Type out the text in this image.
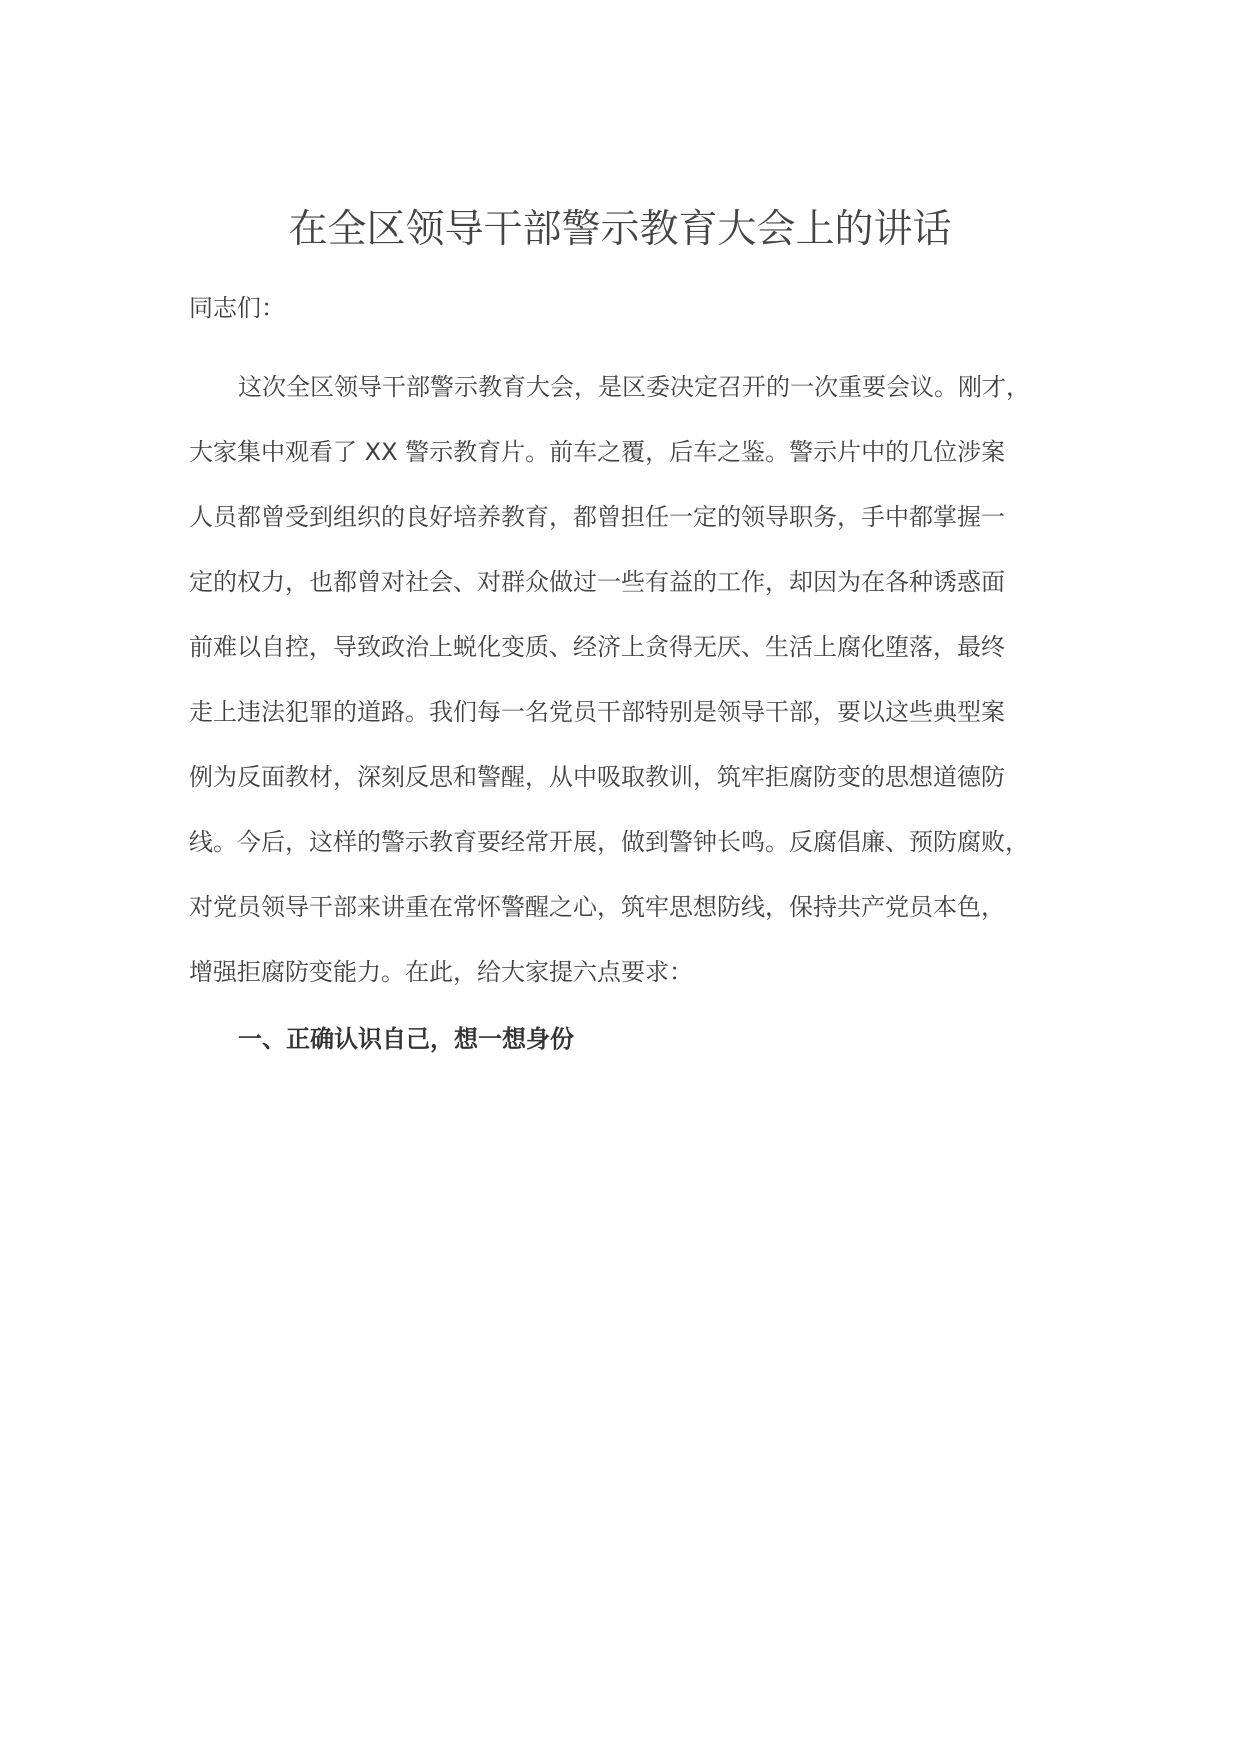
在全区领导干部警示教育大会上的讲话
同志们：
这次全区领导干部警示教育大会，是区委决定召开的一次重要会议。刚才，
大家集中观看了 XX 警示教育片。前车之覆，后车之鉴。警示片中的几位涉案
人员都曾受到组织的良好培养教育，都曾担任一定的领导职务，手中都掌握一
定的权力，也都曾对社会、对群众做过一些有益的工作，却因为在各种诱惑面
前难以自控，导致政治上蜕化变质、经济上贪得无厌、生活上腐化堕落，最终
走上违法犯罪的道路。我们每一名党员干部特别是领导干部，要以这些典型案
例为反面教材，深刻反思和警醒，从中吸取教训，筑牢拒腐防变的思想道德防
线。今后，这样的警示教育要经常开展，做到警钟长鸣。反腐倡廉、预防腐败，
对党员领导干部来讲重在常怀警醒之心，筑牢思想防线，保持共产党员本色，
增强拒腐防变能力。在此，给大家提六点要求：
一、正确认识自己，想一想身份
